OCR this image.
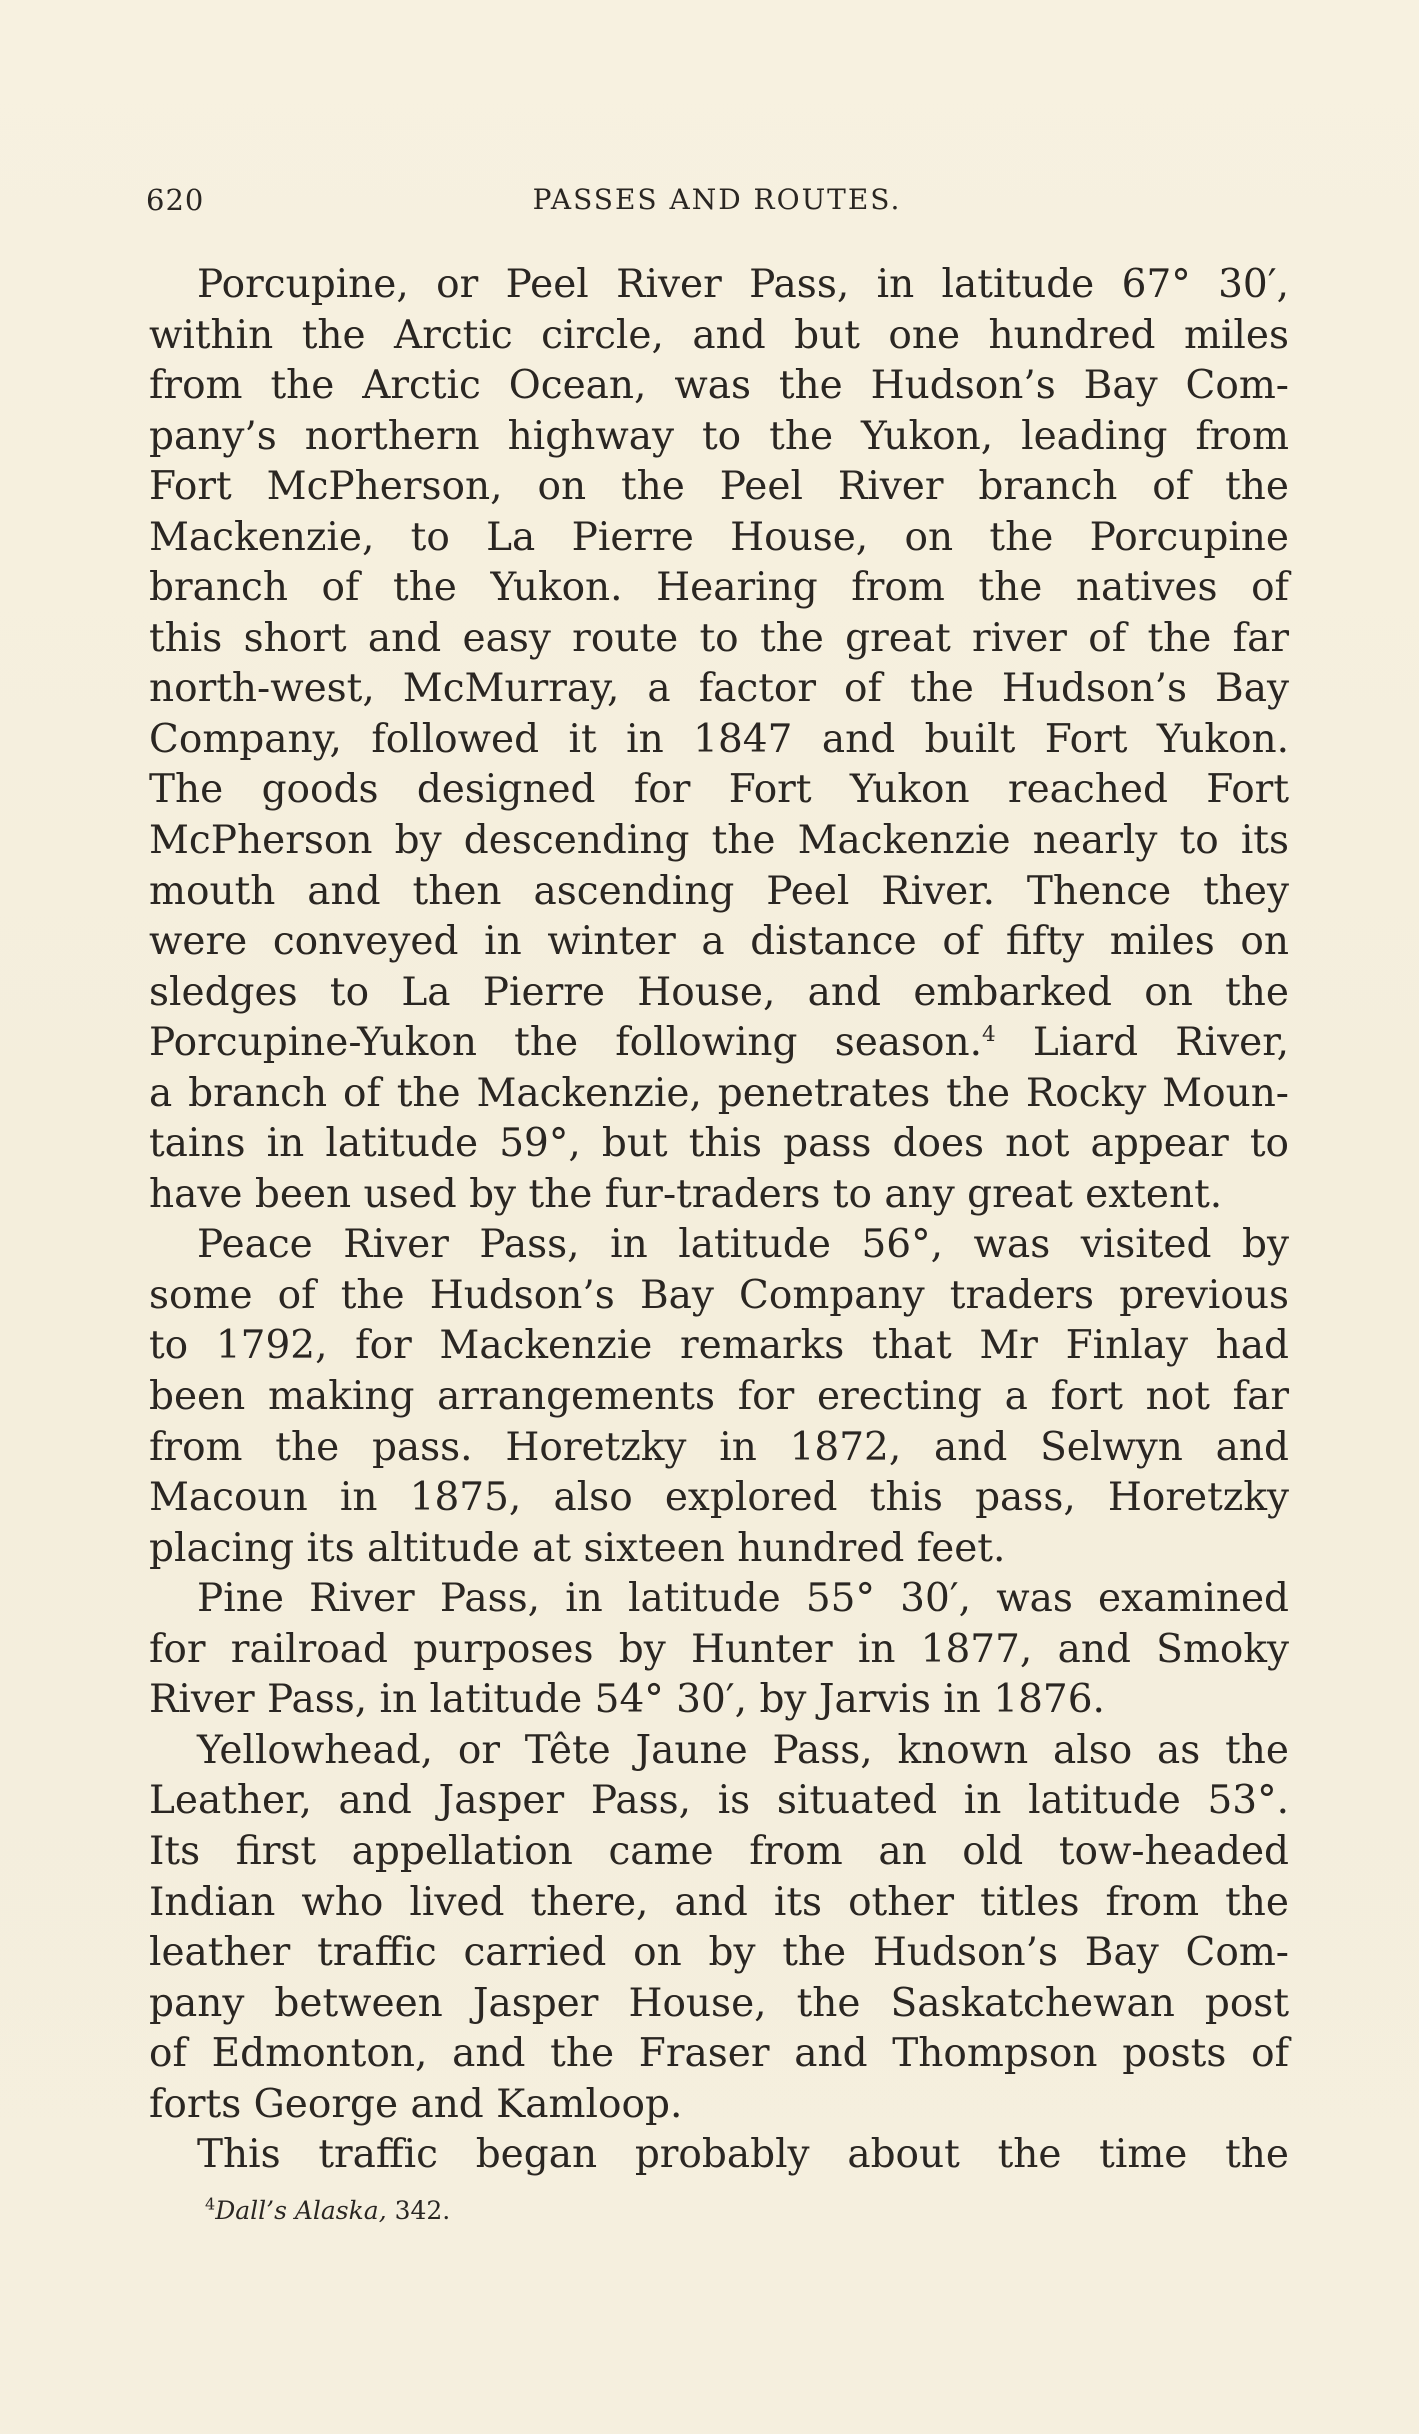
620	PASSES AND ROUTES.
Porcupine, or Peel River Pass, in latitude 67° 30′,
within the Arctic circle, and but one hundred miles
from the Arctic Ocean, was the Hudson’s Bay Com-
pany’s northern highway to the Yukon, leading from
Fort McPherson, on the Peel River branch of the
Mackenzie, to La Pierre House, on the Porcupine
branch of the Yukon. Hearing from the natives of
this short and easy route to the great river of the far
north-west, McMurray, a factor of the Hudson’s Bay
Company, followed it in 1847 and built Fort Yukon.
The goods designed for Fort Yukon reached Fort
McPherson by descending the Mackenzie nearly to its
mouth and then ascending Peel River. Thence they
were conveyed in winter a distance of fifty miles on
sledges to La Pierre House, and embarked on the
Porcupine-Yukon the following season.$^4$ Liard River,
a branch of the Mackenzie, penetrates the Rocky Moun-
tains in latitude 59°, but this pass does not appear to
have been used by the fur-traders to any great extent.
Peace River Pass, in latitude 56°, was visited by
some of the Hudson’s Bay Company traders previous
to 1792, for Mackenzie remarks that Mr Finlay had
been making arrangements for erecting a fort not far
from the pass. Horetzky in 1872, and Selwyn and
Macoun in 1875, also explored this pass, Horetzky
placing its altitude at sixteen hundred feet.
Pine River Pass, in latitude 55° 30′, was examined
for railroad purposes by Hunter in 1877, and Smoky
River Pass, in latitude 54° 30′, by Jarvis in 1876.
Yellowhead, or Tête Jaune Pass, known also as the
Leather, and Jasper Pass, is situated in latitude 53°.
Its first appellation came from an old tow-headed
Indian who lived there, and its other titles from the
leather traffic carried on by the Hudson’s Bay Com-
pany between Jasper House, the Saskatchewan post
of Edmonton, and the Fraser and Thompson posts of
forts George and Kamloop.
This traffic began probably about the time the
$^4$Dall’s Alaska, 342.
